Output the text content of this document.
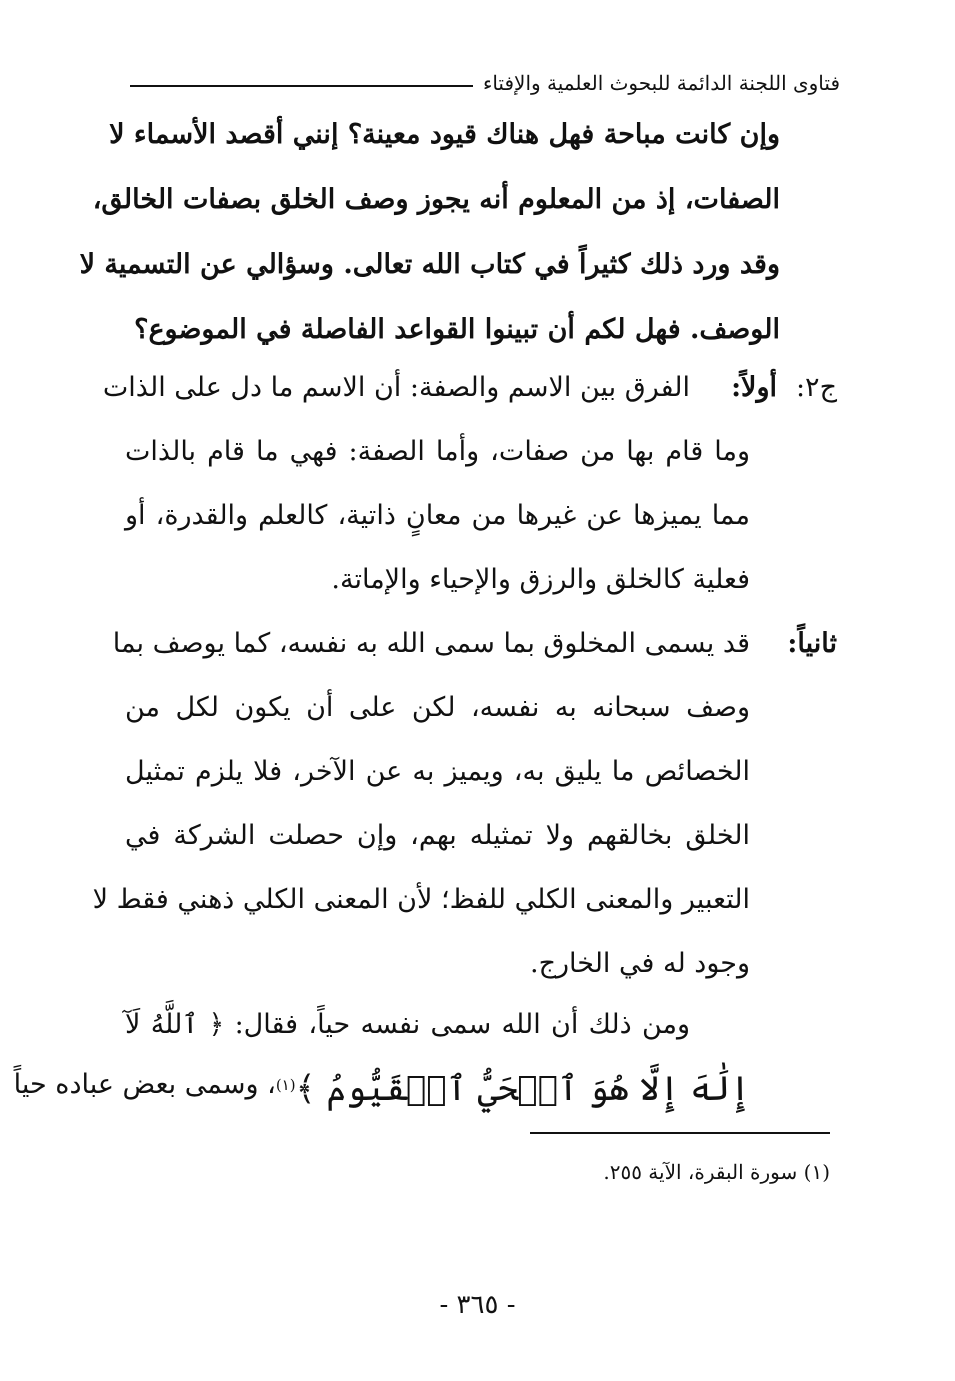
فتاوى اللجنة الدائمة للبحوث العلمية والإفتاء
وإن كانت مباحة فهل هناك قيود معينة؟ إنني أقصد الأسماء لا
الصفات، إذ من المعلوم أنه يجوز وصف الخلق بصفات الخالق،
وقد ورد ذلك كثيراً في كتاب الله تعالى. وسؤالي عن التسمية لا
الوصف. فهل لكم أن تبينوا القواعد الفاصلة في الموضوع؟
ج٢:
أولاً:
الفرق بين الاسم والصفة: أن الاسم ما دل على الذات
وما قام بها من صفات، وأما الصفة: فهي ما قام بالذات
مما يميزها عن غيرها من معانٍ ذاتية، كالعلم والقدرة، أو
فعلية كالخلق والرزق والإحياء والإماتة.
ثانياً:
قد يسمى المخلوق بما سمى الله به نفسه، كما يوصف بما
وصف سبحانه به نفسه، لكن على أن يكون لكل من
الخصائص ما يليق به، ويميز به عن الآخر، فلا يلزم تمثيل
الخلق بخالقهم ولا تمثيله بهم، وإن حصلت الشركة في
التعبير والمعنى الكلي للفظ؛ لأن المعنى الكلي ذهني فقط لا
وجود له في الخارج.
ومن ذلك أن الله سمى نفسه حياً، فقال: ﴿ ٱللَّهُ لَآ
إِلَٰهَ إِلَّا هُوَ ٱلۡحَيُّ ٱلۡقَيُّومُ ﴾$^{(١)}$
، وسمى بعض عباده حياً
(١) سورة البقرة، الآية ٢٥٥.
- ٣٦٥ -
